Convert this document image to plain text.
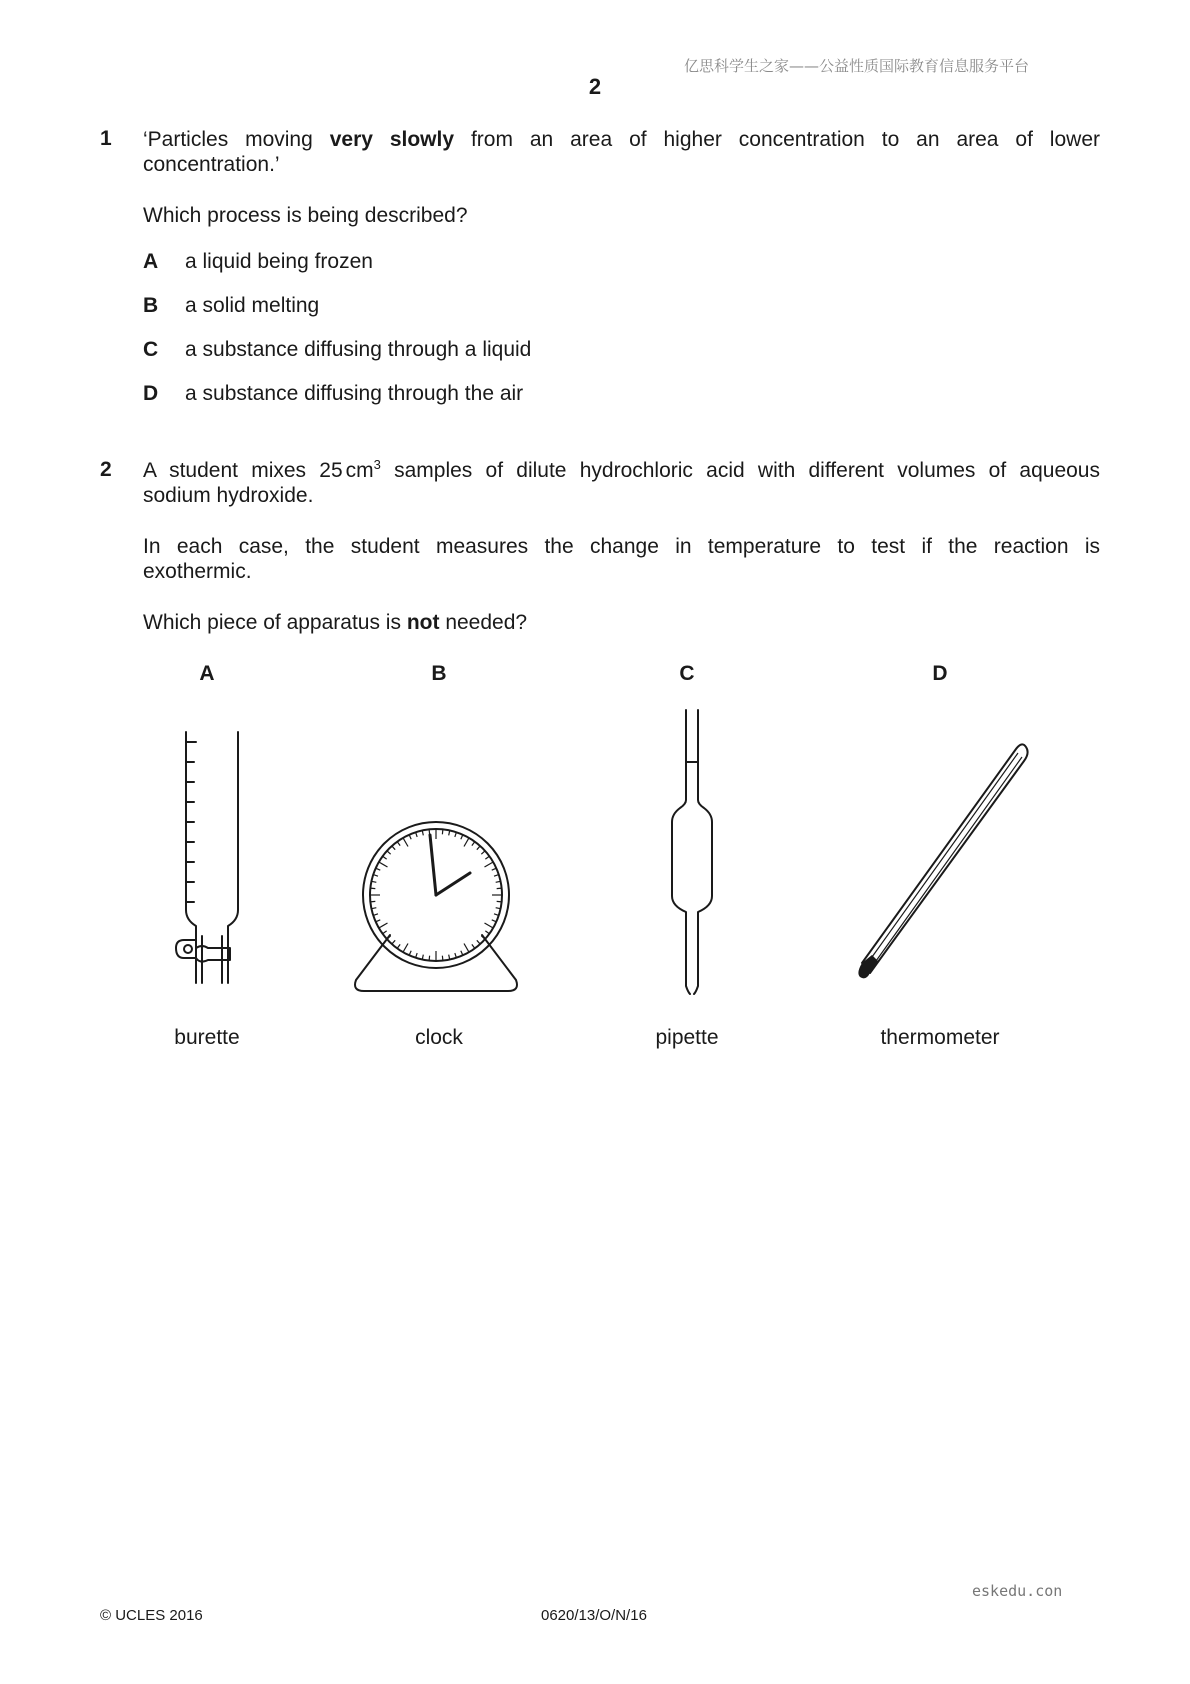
亿思科学生之家——公益性质国际教育信息服务平台
2
1 ‘Particles moving very slowly from an area of higher concentration to an area of lower
concentration.’
Which process is being described?
A a liquid being frozen
B a solid melting
C a substance diffusing through a liquid
D a substance diffusing through the air
2 A student mixes 25 $cm^3$ samples of dilute hydrochloric acid with different volumes of aqueous
sodium hydroxide.
In each case, the student measures the change in temperature to test if the reaction is
exothermic.
Which piece of apparatus is not needed?
A	B	C	D
burette	clock	pipette	thermometer
eskedu.con
© UCLES 2016	0620/13/O/N/16
